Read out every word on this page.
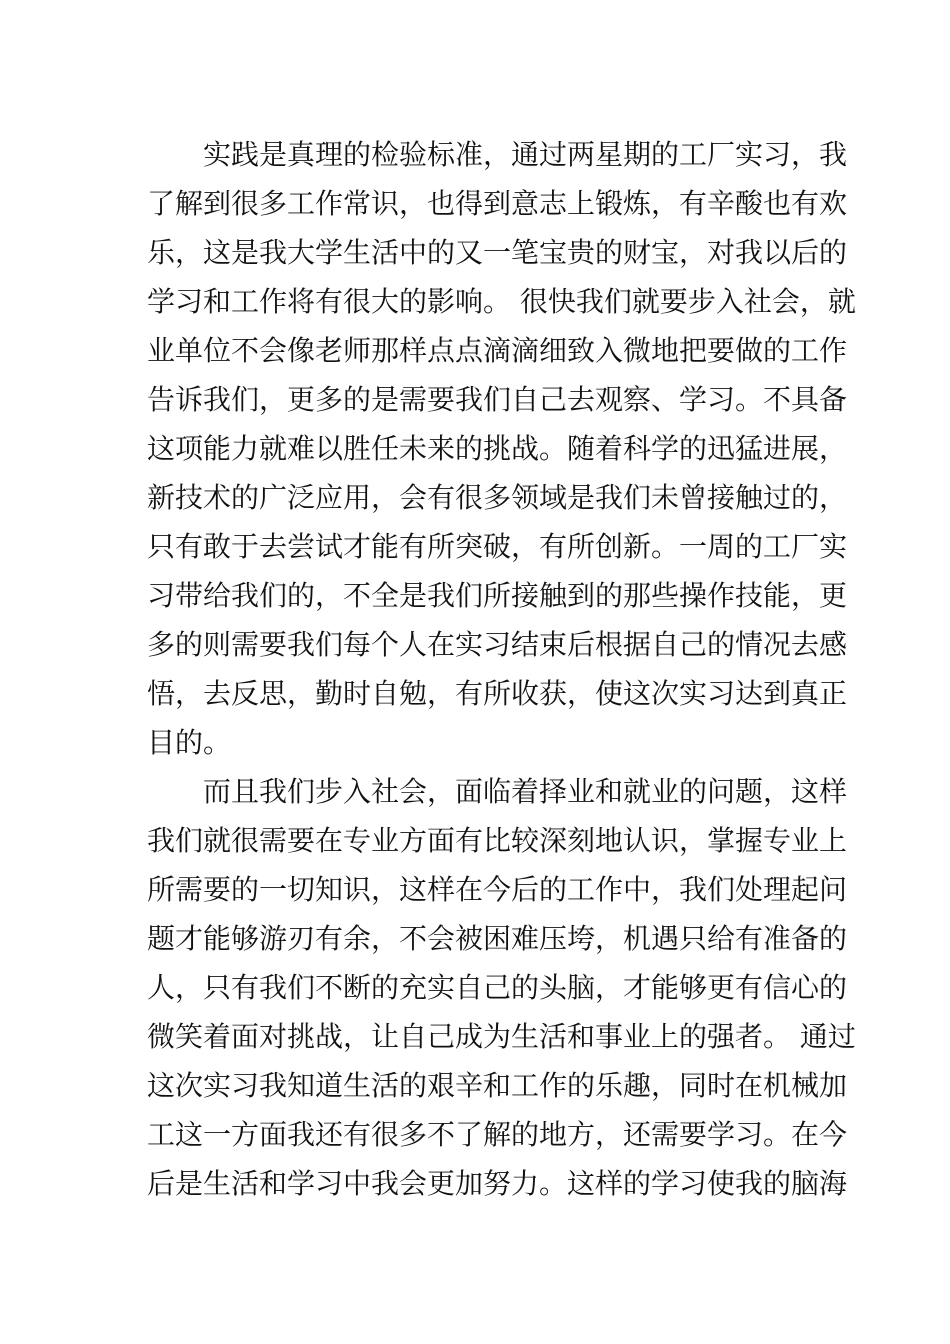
实践是真理的检验标准，通过两星期的工厂实习，我
了解到很多工作常识，也得到意志上锻炼，有辛酸也有欢
乐，这是我大学生活中的又一笔宝贵的财宝，对我以后的
学习和工作将有很大的影响。 很快我们就要步入社会，就
业单位不会像老师那样点点滴滴细致入微地把要做的工作
告诉我们，更多的是需要我们自己去观察、学习。不具备
这项能力就难以胜任未来的挑战。随着科学的迅猛进展，
新技术的广泛应用，会有很多领域是我们未曾接触过的，
只有敢于去尝试才能有所突破，有所创新。一周的工厂实
习带给我们的，不全是我们所接触到的那些操作技能，更
多的则需要我们每个人在实习结束后根据自己的情况去感
悟，去反思，勤时自勉，有所收获，使这次实习达到真正
目的。
而且我们步入社会，面临着择业和就业的问题，这样
我们就很需要在专业方面有比较深刻地认识，掌握专业上
所需要的一切知识，这样在今后的工作中，我们处理起问
题才能够游刃有余，不会被困难压垮，机遇只给有准备的
人，只有我们不断的充实自己的头脑，才能够更有信心的
微笑着面对挑战，让自己成为生活和事业上的强者。 通过
这次实习我知道生活的艰辛和工作的乐趣，同时在机械加
工这一方面我还有很多不了解的地方，还需要学习。在今
后是生活和学习中我会更加努力。这样的学习使我的脑海
